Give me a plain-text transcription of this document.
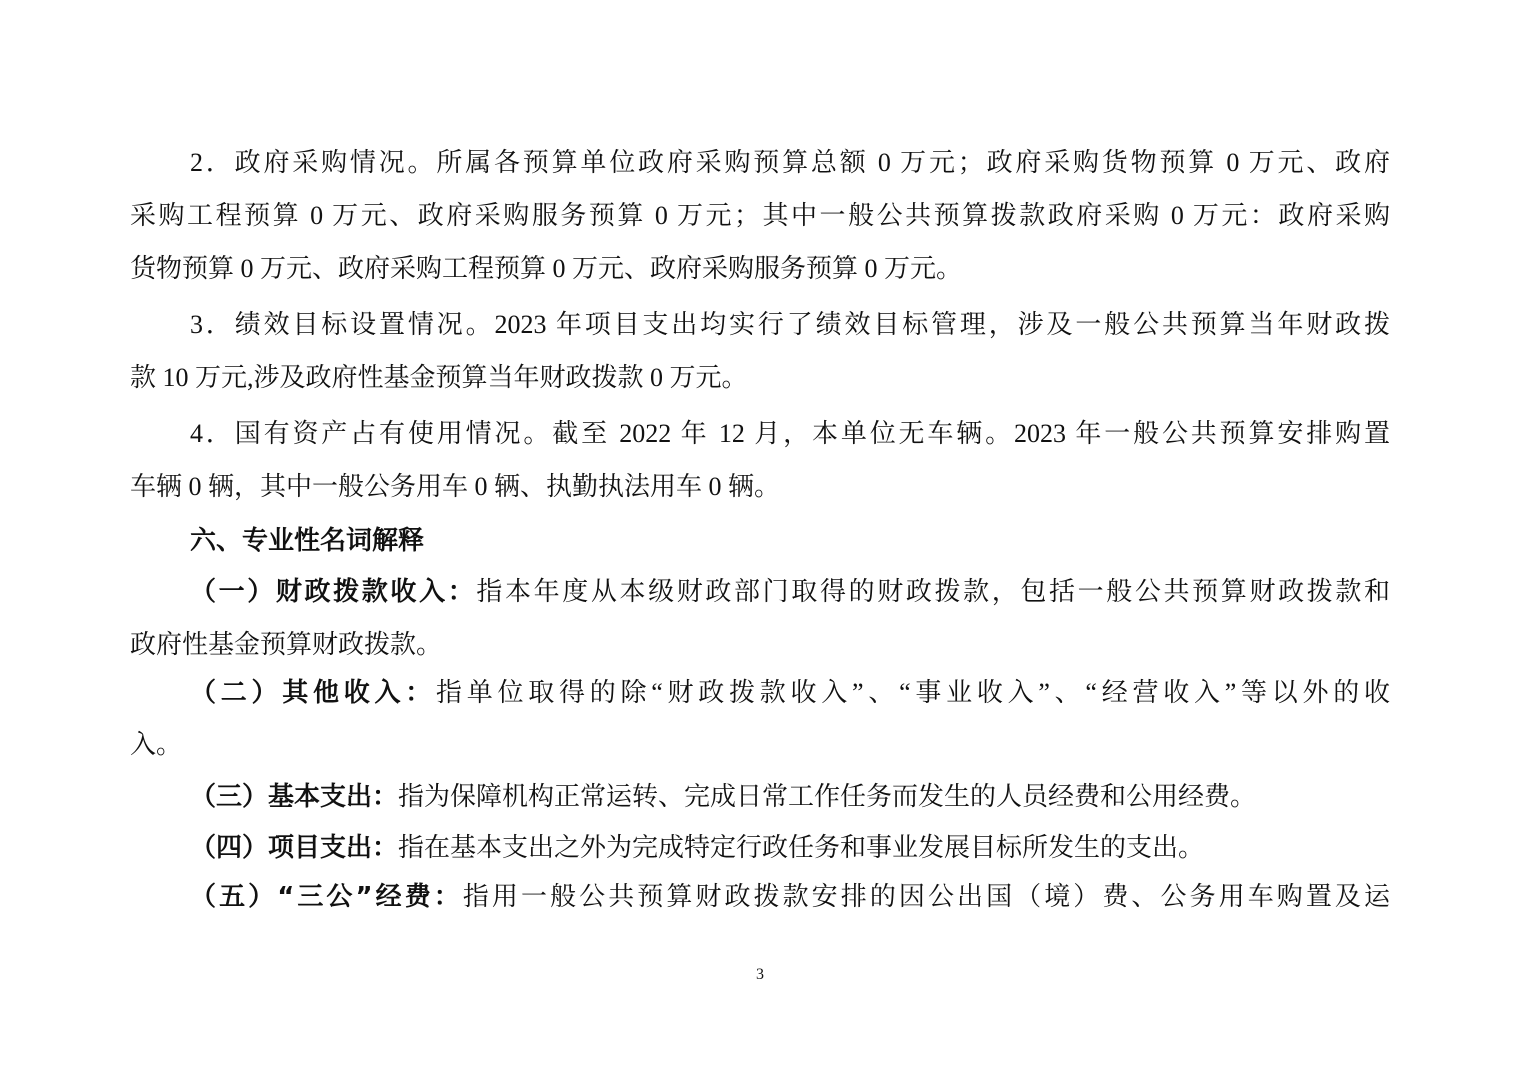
2．政府采购情况。所属各预算单位政府采购预算总额 0 万元；政府采购货物预算 0 万元、政府
采购工程预算 0 万元、政府采购服务预算 0 万元；其中一般公共预算拨款政府采购 0 万元：政府采购
货物预算 0 万元、政府采购工程预算 0 万元、政府采购服务预算 0 万元。
3．绩效目标设置情况。2023 年项目支出均实行了绩效目标管理，涉及一般公共预算当年财政拨
款 10 万元,涉及政府性基金预算当年财政拨款 0 万元。
4．国有资产占有使用情况。截至 2022 年 12 月，本单位无车辆。2023 年一般公共预算安排购置
车辆 0 辆，其中一般公务用车 0 辆、执勤执法用车 0 辆。
六、专业性名词解释
（一）财政拨款收入：指本年度从本级财政部门取得的财政拨款，包括一般公共预算财政拨款和
政府性基金预算财政拨款。
（二）其他收入：指单位取得的除“财政拨款收入”、“事业收入”、“经营收入”等以外的收
入。
（三）基本支出：指为保障机构正常运转、完成日常工作任务而发生的人员经费和公用经费。
（四）项目支出：指在基本支出之外为完成特定行政任务和事业发展目标所发生的支出。
（五）“三公”经费：指用一般公共预算财政拨款安排的因公出国（境）费、公务用车购置及运
3
